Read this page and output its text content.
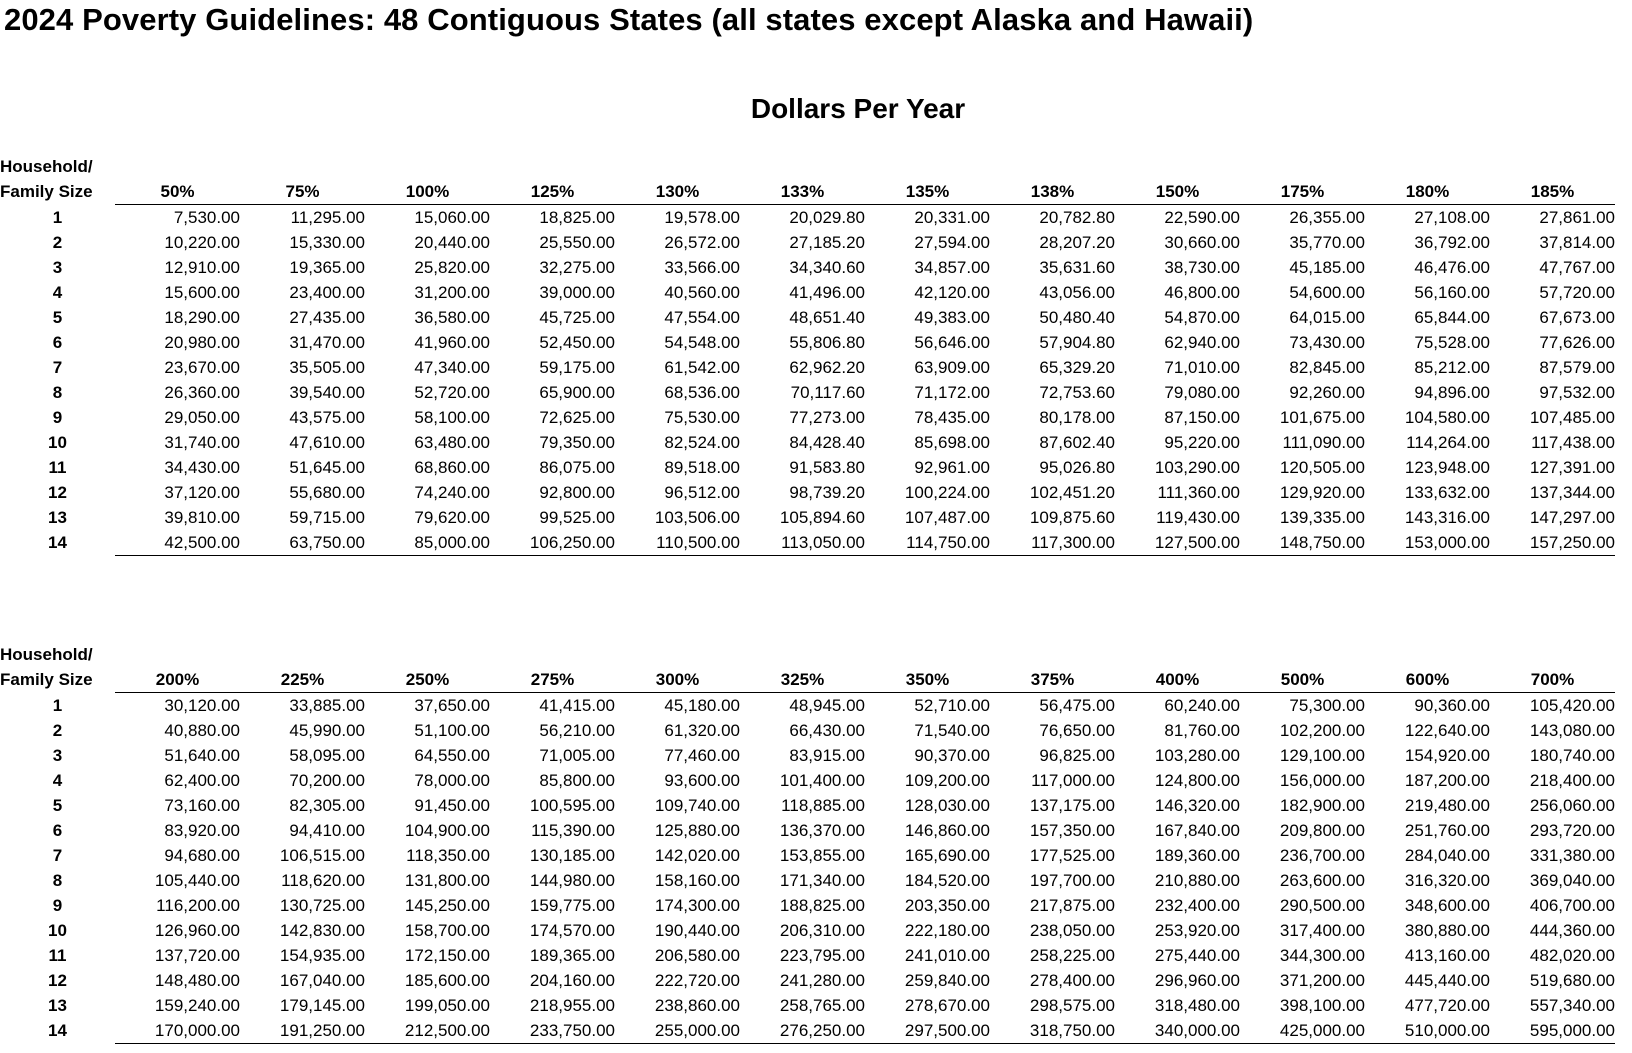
2024 Poverty Guidelines: 48 Contiguous States (all states except Alaska and Hawaii)
Dollars Per Year
Household/												
Family Size	50%	75%	100%	125%	130%	133%	135%	138%	150%	175%	180%	185%
1	7,530.00	11,295.00	15,060.00	18,825.00	19,578.00	20,029.80	20,331.00	20,782.80	22,590.00	26,355.00	27,108.00	27,861.00
2	10,220.00	15,330.00	20,440.00	25,550.00	26,572.00	27,185.20	27,594.00	28,207.20	30,660.00	35,770.00	36,792.00	37,814.00
3	12,910.00	19,365.00	25,820.00	32,275.00	33,566.00	34,340.60	34,857.00	35,631.60	38,730.00	45,185.00	46,476.00	47,767.00
4	15,600.00	23,400.00	31,200.00	39,000.00	40,560.00	41,496.00	42,120.00	43,056.00	46,800.00	54,600.00	56,160.00	57,720.00
5	18,290.00	27,435.00	36,580.00	45,725.00	47,554.00	48,651.40	49,383.00	50,480.40	54,870.00	64,015.00	65,844.00	67,673.00
6	20,980.00	31,470.00	41,960.00	52,450.00	54,548.00	55,806.80	56,646.00	57,904.80	62,940.00	73,430.00	75,528.00	77,626.00
7	23,670.00	35,505.00	47,340.00	59,175.00	61,542.00	62,962.20	63,909.00	65,329.20	71,010.00	82,845.00	85,212.00	87,579.00
8	26,360.00	39,540.00	52,720.00	65,900.00	68,536.00	70,117.60	71,172.00	72,753.60	79,080.00	92,260.00	94,896.00	97,532.00
9	29,050.00	43,575.00	58,100.00	72,625.00	75,530.00	77,273.00	78,435.00	80,178.00	87,150.00	101,675.00	104,580.00	107,485.00
10	31,740.00	47,610.00	63,480.00	79,350.00	82,524.00	84,428.40	85,698.00	87,602.40	95,220.00	111,090.00	114,264.00	117,438.00
11	34,430.00	51,645.00	68,860.00	86,075.00	89,518.00	91,583.80	92,961.00	95,026.80	103,290.00	120,505.00	123,948.00	127,391.00
12	37,120.00	55,680.00	74,240.00	92,800.00	96,512.00	98,739.20	100,224.00	102,451.20	111,360.00	129,920.00	133,632.00	137,344.00
13	39,810.00	59,715.00	79,620.00	99,525.00	103,506.00	105,894.60	107,487.00	109,875.60	119,430.00	139,335.00	143,316.00	147,297.00
14	42,500.00	63,750.00	85,000.00	106,250.00	110,500.00	113,050.00	114,750.00	117,300.00	127,500.00	148,750.00	153,000.00	157,250.00
Household/												
Family Size	200%	225%	250%	275%	300%	325%	350%	375%	400%	500%	600%	700%
1	30,120.00	33,885.00	37,650.00	41,415.00	45,180.00	48,945.00	52,710.00	56,475.00	60,240.00	75,300.00	90,360.00	105,420.00
2	40,880.00	45,990.00	51,100.00	56,210.00	61,320.00	66,430.00	71,540.00	76,650.00	81,760.00	102,200.00	122,640.00	143,080.00
3	51,640.00	58,095.00	64,550.00	71,005.00	77,460.00	83,915.00	90,370.00	96,825.00	103,280.00	129,100.00	154,920.00	180,740.00
4	62,400.00	70,200.00	78,000.00	85,800.00	93,600.00	101,400.00	109,200.00	117,000.00	124,800.00	156,000.00	187,200.00	218,400.00
5	73,160.00	82,305.00	91,450.00	100,595.00	109,740.00	118,885.00	128,030.00	137,175.00	146,320.00	182,900.00	219,480.00	256,060.00
6	83,920.00	94,410.00	104,900.00	115,390.00	125,880.00	136,370.00	146,860.00	157,350.00	167,840.00	209,800.00	251,760.00	293,720.00
7	94,680.00	106,515.00	118,350.00	130,185.00	142,020.00	153,855.00	165,690.00	177,525.00	189,360.00	236,700.00	284,040.00	331,380.00
8	105,440.00	118,620.00	131,800.00	144,980.00	158,160.00	171,340.00	184,520.00	197,700.00	210,880.00	263,600.00	316,320.00	369,040.00
9	116,200.00	130,725.00	145,250.00	159,775.00	174,300.00	188,825.00	203,350.00	217,875.00	232,400.00	290,500.00	348,600.00	406,700.00
10	126,960.00	142,830.00	158,700.00	174,570.00	190,440.00	206,310.00	222,180.00	238,050.00	253,920.00	317,400.00	380,880.00	444,360.00
11	137,720.00	154,935.00	172,150.00	189,365.00	206,580.00	223,795.00	241,010.00	258,225.00	275,440.00	344,300.00	413,160.00	482,020.00
12	148,480.00	167,040.00	185,600.00	204,160.00	222,720.00	241,280.00	259,840.00	278,400.00	296,960.00	371,200.00	445,440.00	519,680.00
13	159,240.00	179,145.00	199,050.00	218,955.00	238,860.00	258,765.00	278,670.00	298,575.00	318,480.00	398,100.00	477,720.00	557,340.00
14	170,000.00	191,250.00	212,500.00	233,750.00	255,000.00	276,250.00	297,500.00	318,750.00	340,000.00	425,000.00	510,000.00	595,000.00
